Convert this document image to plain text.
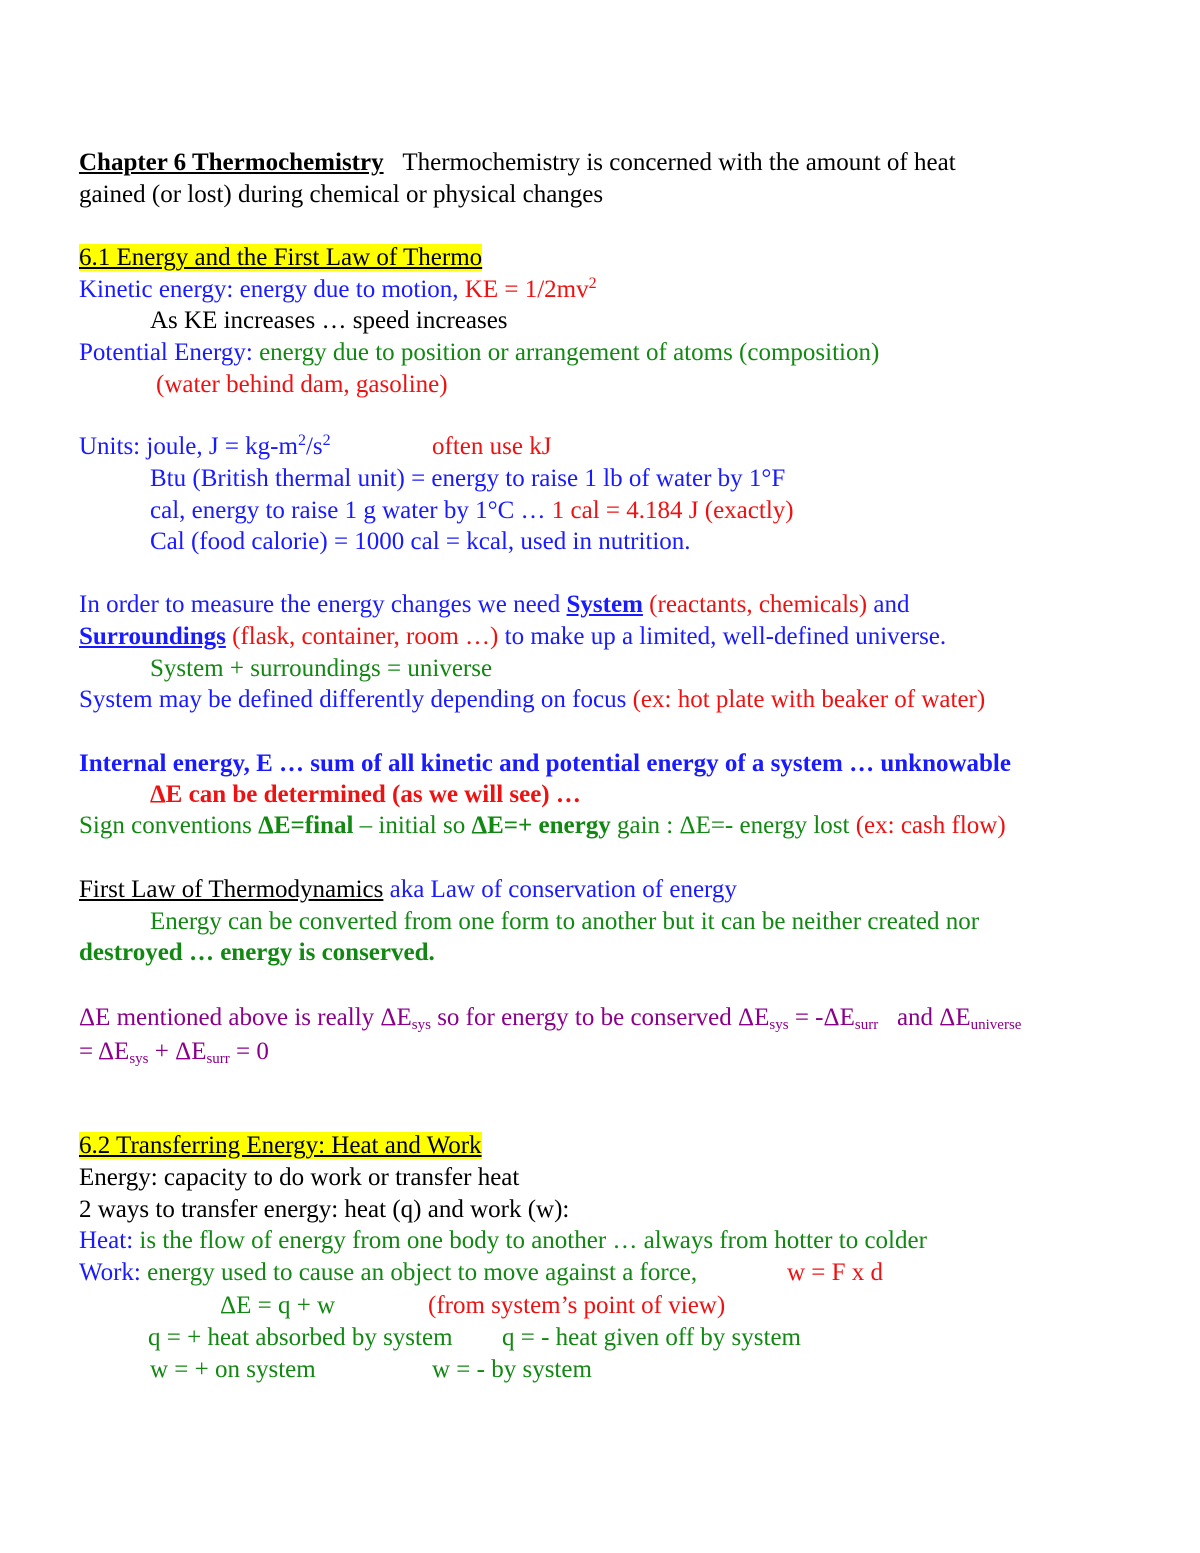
Chapter 6 Thermochemistry Thermochemistry is concerned with the amount of heat
gained (or lost) during chemical or physical changes
6.1 Energy and the First Law of Thermo
Kinetic energy: energy due to motion, KE = $1/2mv^2$
As KE increases … speed increases
Potential Energy: energy due to position or arrangement of atoms (composition)
(water behind dam, gasoline)
Units: joule, $J = kg-m^2/s^2$	often use kJ
Btu (British thermal unit) = energy to raise 1 lb of water by 1°F
cal, energy to raise 1 g water by 1°C … 1 cal = 4.184 J (exactly)
Cal (food calorie) = 1000 cal = kcal, used in nutrition.
In order to measure the energy changes we need System (reactants, chemicals) and
Surroundings (flask, container, room …) to make up a limited, well-defined universe.
System + surroundings = universe
System may be defined differently depending on focus (ex: hot plate with beaker of water)
Internal energy, E … sum of all kinetic and potential energy of a system … unknowable
ΔE can be determined (as we will see) …
Sign conventions ΔE=final – initial so ΔE=+ energy gain : ΔE=- energy lost (ex: cash flow)
First Law of Thermodynamics aka Law of conservation of energy
Energy can be converted from one form to another but it can be neither created nor
destroyed … energy is conserved.
ΔE mentioned above is really $\Delta E_{sys}$ so for energy to be conserved $\Delta E_{sys} = -\Delta E_{surr}$ and $\Delta E_{universe}$
= $\Delta E_{sys} + \Delta E_{surr} = 0$
6.2 Transferring Energy: Heat and Work
Energy: capacity to do work or transfer heat
2 ways to transfer energy: heat (q) and work (w):
Heat: is the flow of energy from one body to another … always from hotter to colder
Work: energy used to cause an object to move against a force,	w = F x d
ΔE = q + w	(from system’s point of view)
q = + heat absorbed by system q = - heat given off by system
w = + on system	w = - by system
